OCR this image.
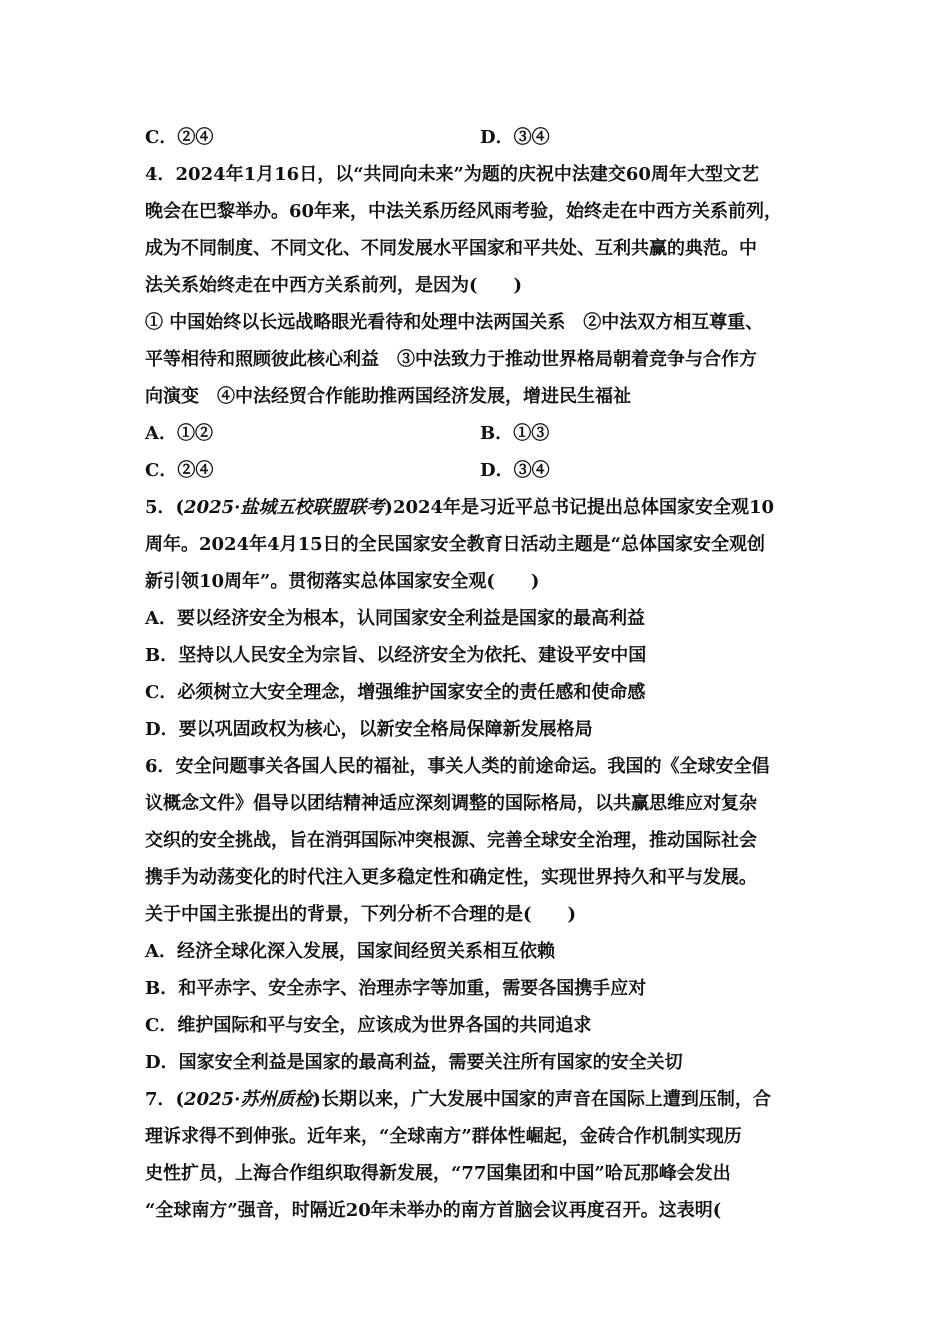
C．②④	D．③④
4．2024年1月16日，以“共同向未来”为题的庆祝中法建交60周年大型文艺
晚会在巴黎举办。60年来，中法关系历经风雨考验，始终走在中西方关系前列，
成为不同制度、不同文化、不同发展水平国家和平共处、互利共赢的典范。中
法关系始终走在中西方关系前列，是因为(　　)
① 中国始终以长远战略眼光看待和处理中法两国关系　②中法双方相互尊重、
平等相待和照顾彼此核心利益　③中法致力于推动世界格局朝着竞争与合作方
向演变　④中法经贸合作能助推两国经济发展，增进民生福祉
A．①②	B．①③
C．②④	D．③④
5．(2025·盐城五校联盟联考)2024年是习近平总书记提出总体国家安全观10
周年。2024年4月15日的全民国家安全教育日活动主题是“总体国家安全观创
新引领10周年”。贯彻落实总体国家安全观(　　)
A．要以经济安全为根本，认同国家安全利益是国家的最高利益
B．坚持以人民安全为宗旨、以经济安全为依托、建设平安中国
C．必须树立大安全理念，增强维护国家安全的责任感和使命感
D．要以巩固政权为核心，以新安全格局保障新发展格局
6．安全问题事关各国人民的福祉，事关人类的前途命运。我国的《全球安全倡
议概念文件》倡导以团结精神适应深刻调整的国际格局，以共赢思维应对复杂
交织的安全挑战，旨在消弭国际冲突根源、完善全球安全治理，推动国际社会
携手为动荡变化的时代注入更多稳定性和确定性，实现世界持久和平与发展。
关于中国主张提出的背景，下列分析不合理的是(　　)
A．经济全球化深入发展，国家间经贸关系相互依赖
B．和平赤字、安全赤字、治理赤字等加重，需要各国携手应对
C．维护国际和平与安全，应该成为世界各国的共同追求
D．国家安全利益是国家的最高利益，需要关注所有国家的安全关切
7．(2025·苏州质检)长期以来，广大发展中国家的声音在国际上遭到压制，合
理诉求得不到伸张。近年来，“全球南方”群体性崛起，金砖合作机制实现历
史性扩员，上海合作组织取得新发展，“77国集团和中国”哈瓦那峰会发出
“全球南方”强音，时隔近20年未举办的南方首脑会议再度召开。这表明(
